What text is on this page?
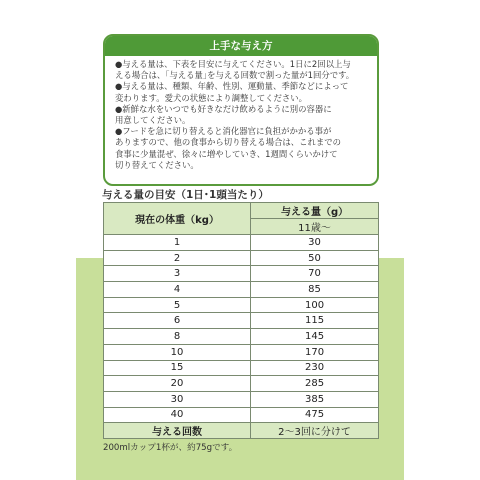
上手な与え方

●与える量は、下表を目安に与えてください。1日に2回以上与

える場合は、｢与える量｣を与える回数で割った量が1回分です。

●与える量は、種類、年齢、性別、運動量、季節などによって

変わります。愛犬の状態により調整してください。

●新鮮な水をいつでも好きなだけ飲めるように別の容器に

用意してください。

●フードを急に切り替えると消化器官に負担がかかる事が

ありますので、他の食事から切り替える場合は、これまでの

食事に少量混ぜ、徐々に増やしていき、1週間くらいかけて

切り替えてください。

与える量の目安（1日･1頭当たり）
現在の体重（kg）	与える量（g）
	11歳～
1	30
2	50
3	70
4	85
5	100
6	115
8	145
10	170
15	230
20	285
30	385
40	475
与える回数	2～3回に分けて
200mlカップ1杯が、約75gです。
